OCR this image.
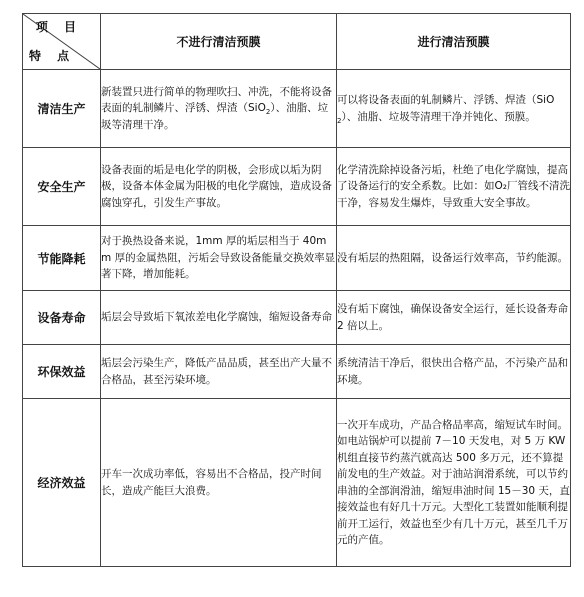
项 目
特 点	不进行清洁预膜	进行清洁预膜
清洁生产	新装置只进行简单的物理吹扫、冲洗，不能将设备表面的轧制鳞片、浮锈、焊渣（SiO$_2$）、油脂、垃圾等清理干净。	可以将设备表面的轧制鳞片、浮锈、焊渣（SiO$_2$）、油脂、垃圾等清理干净并钝化、预膜。
安全生产	设备表面的垢是电化学的阴极，会形成以垢为阴极，设备本体金属为阳极的电化学腐蚀，造成设备腐蚀穿孔，引发生产事故。	化学清洗除掉设备污垢，杜绝了电化学腐蚀，提高了设备运行的安全系数。比如：如O₂厂管线不清洗干净，容易发生爆炸，导致重大安全事故。
节能降耗	对于换热设备来说，1mm 厚的垢层相当于 40mm 厚的金属热阻，污垢会导致设备能量交换效率显著下降，增加能耗。	没有垢层的热阻隔，设备运行效率高，节约能源。
设备寿命	垢层会导致垢下氧浓差电化学腐蚀，缩短设备寿命	没有垢下腐蚀，确保设备安全运行，延长设备寿命 2 倍以上。
环保效益	垢层会污染生产，降低产品品质，甚至出产大量不合格品，甚至污染环境。	系统清洁干净后，很快出合格产品，不污染产品和环境。
经济效益	开车一次成功率低，容易出不合格品，投产时间长，造成产能巨大浪费。	一次开车成功，产品合格品率高，缩短试车时间。如电站锅炉可以提前 7－10 天发电，对 5 万 KW 机组直接节约蒸汽就高达 500 多万元，还不算提前发电的生产效益。对于油站润滑系统，可以节约串油的全部润滑油，缩短串油时间 15－30 天，直接效益也有好几十万元。大型化工装置如能顺利提前开工运行，效益也至少有几十万元，甚至几千万元的产值。
